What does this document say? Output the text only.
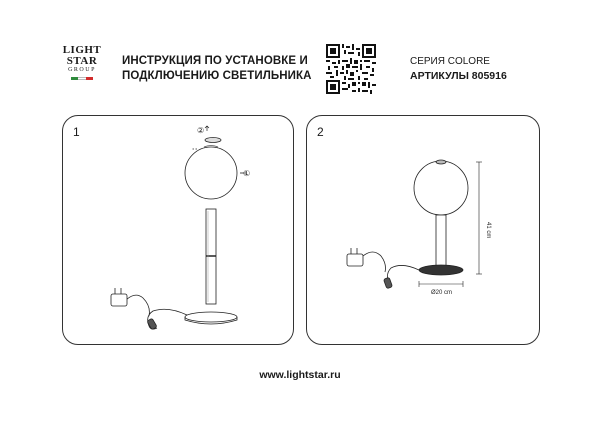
LIGHT
STAR
GROUP
ИНСТРУКЦИЯ ПО УСТАНОВКЕ И
ПОДКЛЮЧЕНИЮ СВЕТИЛЬНИКА
СЕРИЯ COLORE
АРТИКУЛЫ 805916
1	②
①
2
41 cm
Ø20 cm
www.lightstar.ru
